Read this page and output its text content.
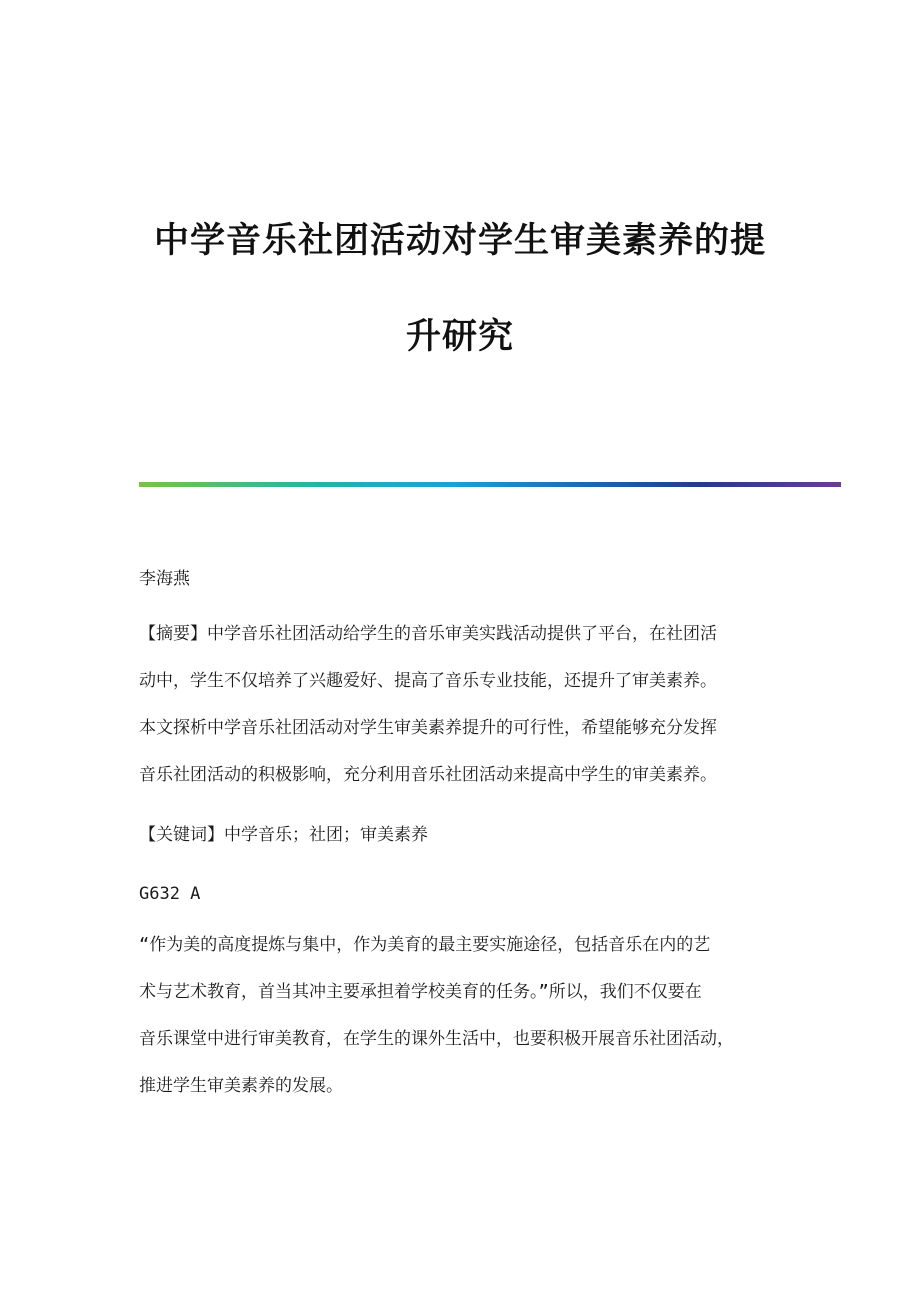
中学音乐社团活动对学生审美素养的提
升研究
李海燕
【摘要】中学音乐社团活动给学生的音乐审美实践活动提供了平台，在社团活
动中，学生不仅培养了兴趣爱好、提高了音乐专业技能，还提升了审美素养。
本文探析中学音乐社团活动对学生审美素养提升的可行性，希望能够充分发挥
音乐社团活动的积极影响，充分利用音乐社团活动来提高中学生的审美素养。
【关键词】中学音乐；社团；审美素养
G632 A
“作为美的高度提炼与集中，作为美育的最主要实施途径，包括音乐在内的艺
术与艺术教育，首当其冲主要承担着学校美育的任务。”所以，我们不仅要在
音乐课堂中进行审美教育，在学生的课外生活中，也要积极开展音乐社团活动，
推进学生审美素养的发展。
